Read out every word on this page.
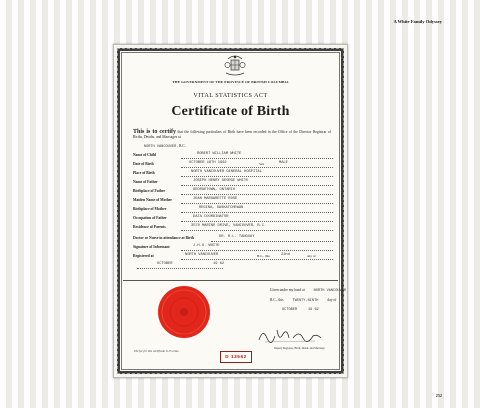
A White Family Odyssey
THE GOVERNMENT OF THE PROVINCE OF BRITISH COLUMBIA
VITAL STATISTICS ACT
Certificate of Birth
This is to certify that the following particulars of Birth have been recorded in the Office of the Director Registrar of Births, Deaths, and Marriages at
NORTH VANCOUVER , B.C.
Name of Child	ROBERT WILLIAM WHITE
Date of Birth	OCTOBER 18TH 1962	Sex	MALE
Place of Birth	NORTH VANCOUVER GENERAL HOSPITAL
Name of Father	JOSEPH HENRY GEORGE WHITE
Birthplace of Father	GEORGETOWN, ONTARIO
Maiden Name of Mother	JEAN MARGARETTE ROSE
Birthplace of Mother	REGINA, SASKATCHEWAN
Occupation of Father	DATA COORDINATOR
Residence of Parents	3570 MARINE DRIVE, VANCOUVER, B.C.
Doctor or Nurse in attendance at Birth	DR. R.L. TANGUAY
Signature of Informant	J.H.G. WHITE
Registered at	NORTH VANCOUVER	B.C., this	22nd	day of
OCTOBER	19 62
Given under my hand at NORTH VANCOUVER
B.C., this TWENTY-NINTH day of
OCTOBER	19 62
Deputy Registrar, Birth, Death, and Marriage
The fee for this certificate is 25 cents.
D 13562
252
